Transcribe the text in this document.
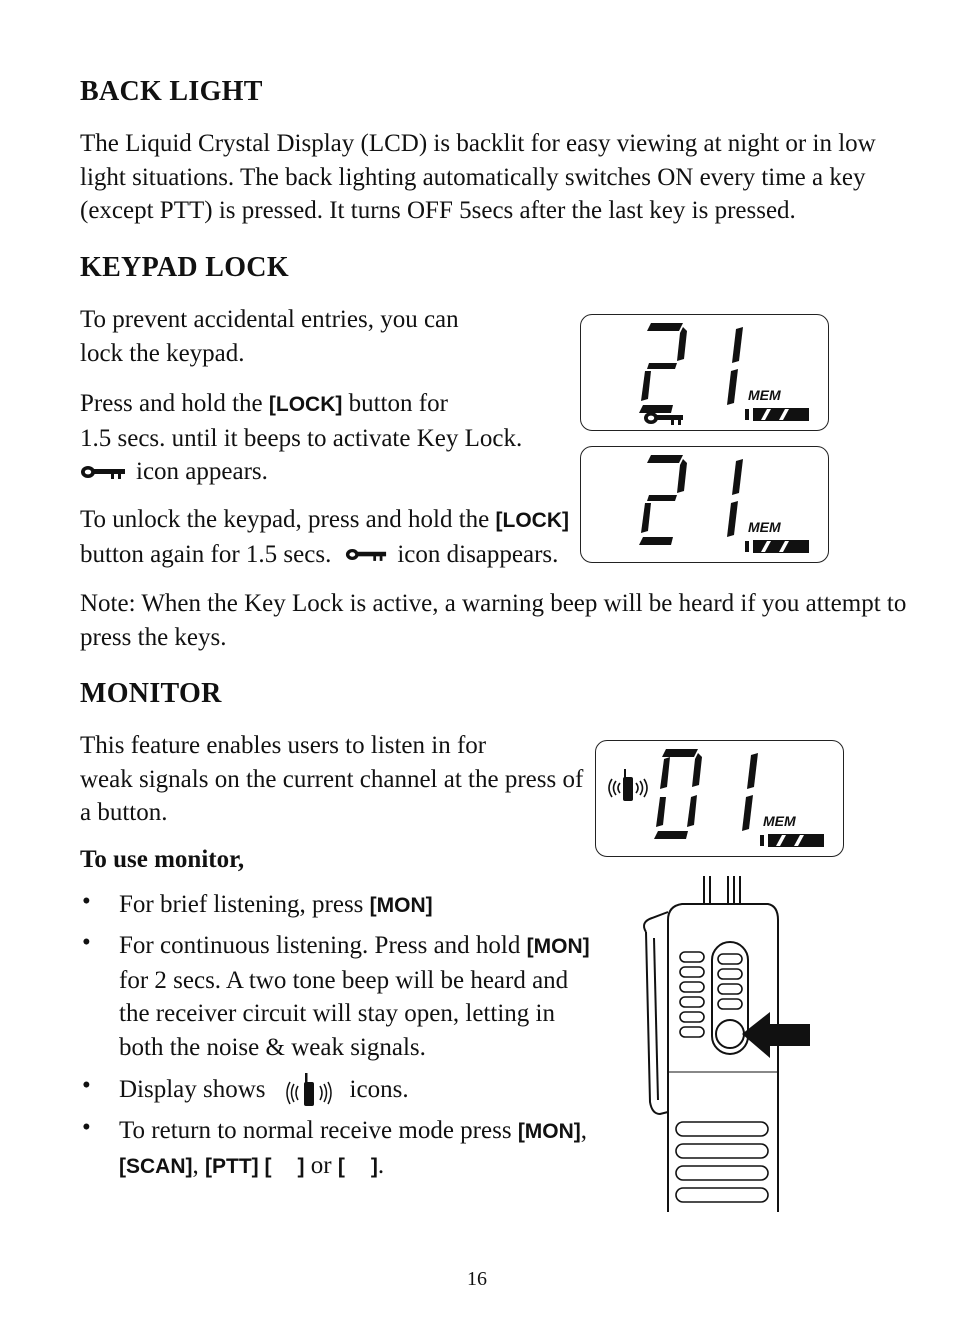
BACK LIGHT
The Liquid Crystal Display (LCD) is backlit for easy viewing at night or in low
light situations. The back lighting automatically switches ON every time a key
(except PTT) is pressed. It turns OFF 5secs after the last key is pressed.
KEYPAD LOCK
To prevent accidental entries, you can
lock the keypad.
Press and hold the [LOCK] button for
1.5 secs. until it beeps to activate Key Lock.
icon appears.
To unlock the keypad, press and hold the [LOCK]
button again for 1.5 secs.	icon disappears.
MEM
MEM
Note: When the Key Lock is active, a warning beep will be heard if you attempt to
press the keys.
MONITOR
This feature enables users to listen in for
weak signals on the current channel at the press of
a button.	MEM
To use monitor,
• For brief listening, press [MON]
• For continuous listening. Press and hold [MON]
for 2 secs. A two tone beep will be heard and
the receiver circuit will stay open, letting in
both the noise & weak signals.
• Display shows	icons.
• To return to normal receive mode press [MON],
[SCAN], [PTT] [ ] or [ ].
16
